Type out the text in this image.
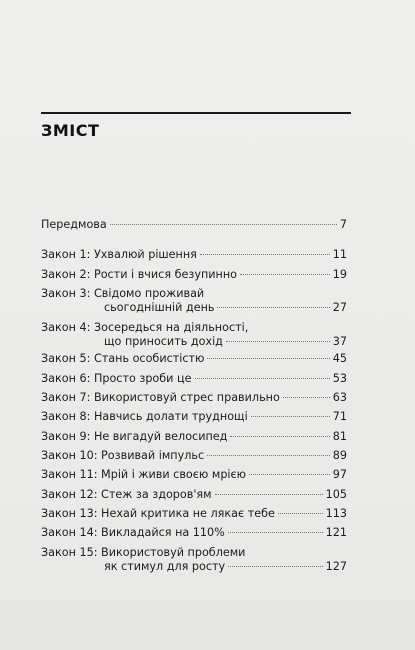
ЗМІСТ
Передмова	7
Закон 1: Ухвалюй рішення	11
Закон 2: Рости і вчися безупинно	19
Закон 3: Свідомо проживай
сьогоднішній день	27
Закон 4: Зосередься на діяльності,
що приносить дохід	37
Закон 5: Стань особистістю	45
Закон 6: Просто зроби це	53
Закон 7: Використовуй стрес правильно	63
Закон 8: Навчись долати труднощі	71
Закон 9: Не вигадуй велосипед	81
Закон 10: Розвивай імпульс	89
Закон 11: Мрій і живи своєю мрією	97
Закон 12: Стеж за здоров'ям	105
Закон 13: Нехай критика не лякає тебе	113
Закон 14: Викладайся на 110%	121
Закон 15: Використовуй проблеми
як стимул для росту	127
